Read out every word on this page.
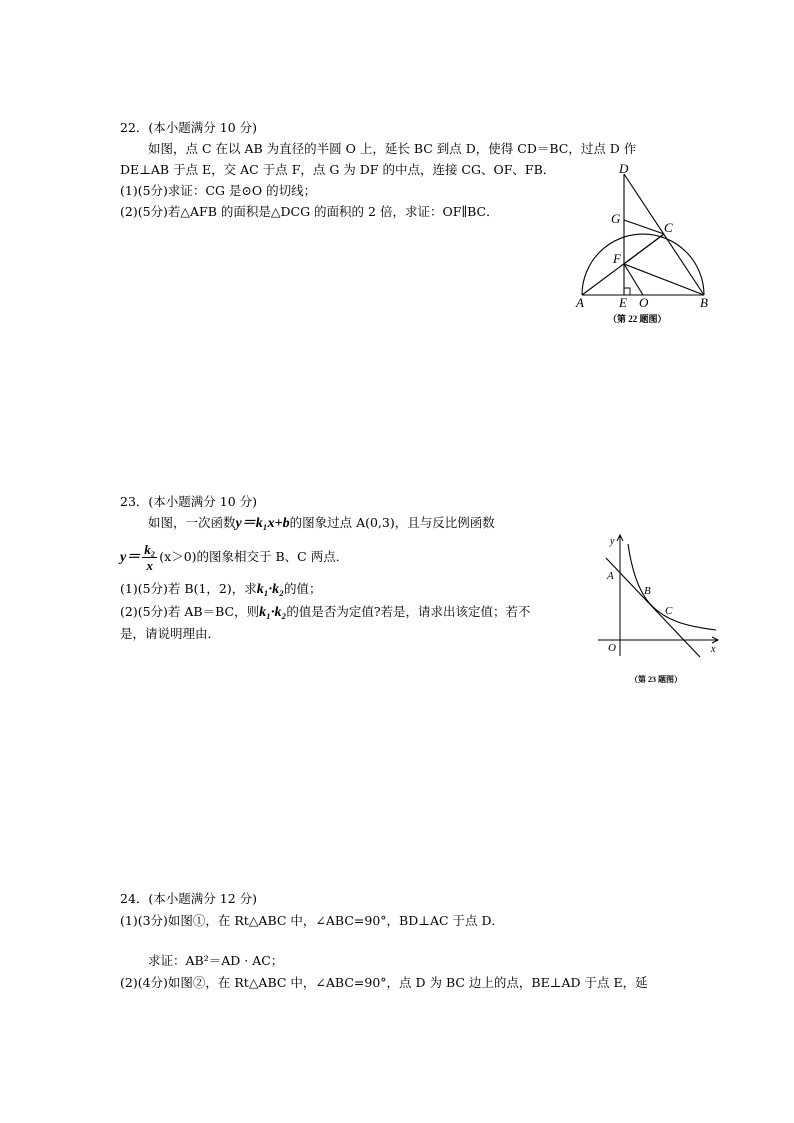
22．(本小题满分 10 分)
如图，点 C 在以 AB 为直径的半圆 O 上，延长 BC 到点 D，使得 CD＝BC，过点 D 作
DE⊥AB 于点 E，交 AC 于点 F，点 G 为 DF 的中点，连接 CG、OF、FB．
(1)(5分)求证：CG 是⊙O 的切线；
(2)(5分)若△AFB 的面积是△DCG 的面积的 2 倍，求证：OF∥BC．
D
G
C
F
A	E O	B
（第 22 题图）
23．(本小题满分 10 分)
如图，一次函数y＝k₁x+b的图象过点 A(0,3)，且与反比例函数
$y= \frac{\text{k₂}}{x} (x>0)$的图象相交于 B、C 两点．
(1)(5分)若 B(1，2)，求k₁·k₂的值；
(2)(5分)若 AB＝BC，则k₁·k₂的值是否为定值?若是，请求出该定值；若不
是，请说明理由．
y
x
A
B
C
O
（第 23 题图）
24．(本小题满分 12 分)
(1)(3分)如图①，在 Rt△ABC 中，∠ABC=90°，BD⊥AC 于点 D．
求证：AB²＝AD · AC；
(2)(4分)如图②，在 Rt△ABC 中，∠ABC=90°，点 D 为 BC 边上的点，BE⊥AD 于点 E，延
